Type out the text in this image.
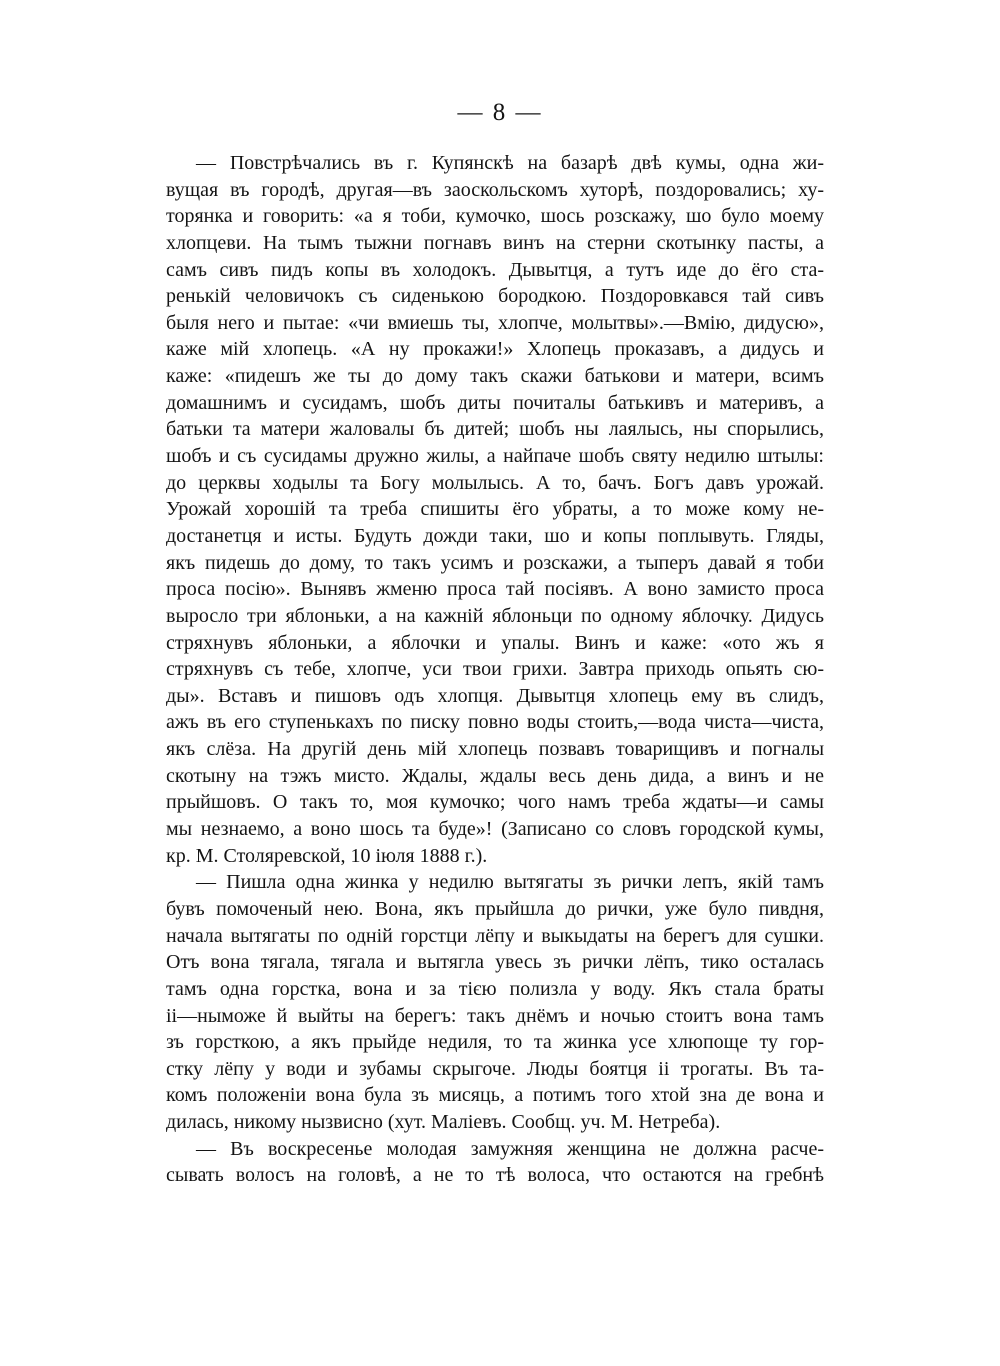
— 8 —
— Повстрѣчались въ г. Купянскѣ на базарѣ двѣ кумы, одна жи-
вущая въ городѣ, другая—въ заоскольскомъ хуторѣ, поздоровались; ху-
торянка и говорить: «а я тоби, кумочко, шось розскажу, шо було моему
хлопцеви. На тымъ тыжни погнавъ винъ на стерни скотынку пасты, а
самъ сивъ пидъ копы въ холодокъ. Дывытця, а тутъ иде до ёго ста-
ренькій человичокъ съ сиденькою бородкою. Поздоровкався тай сивъ
быля него и пытае: «чи вмиешь ты, хлопче, молытвы».—Вмію, дидусю»,
каже мій хлопець. «А ну прокажи!» Хлопець проказавъ, а дидусь и
каже: «пидешъ же ты до дому такъ скажи батькови и матери, всимъ
домашнимъ и сусидамъ, шобъ диты почиталы батькивъ и материвъ, а
батьки та матери жаловалы бъ дитей; шобъ ны лаялысь, ны спорылись,
шобъ и съ сусидамы дружно жилы, а найпаче шобъ святу недилю штылы:
до церквы ходылы та Богу молылысь. А то, бачъ. Богъ давъ урожай.
Урожай хорошій та треба спишиты ёго убраты, а то може кому не-
достанетця и исты. Будуть дожди таки, шо и копы поплывуть. Гляды,
якъ пидешь до дому, то такъ усимъ и розскажи, а тыперъ давай я тоби
проса посію». Вынявъ жменю проса тай посіявъ. А воно замисто проса
выросло три яблоньки, а на кажній яблоньци по одному яблочку. Дидусь
стряхнувъ яблоньки, а яблочки и упалы. Винъ и каже: «ото жъ я
стряхнувъ съ тебе, хлопче, уси твои грихи. Завтра приходь опьять сю-
ды». Вставъ и пишовъ одъ хлопця. Дывытця хлопець ему въ слидъ,
ажъ въ его ступенькахъ по писку повно воды стоить,—вода чиста—чиста,
якъ слёза. На другій день мій хлопець позвавъ товарищивъ и погналы
скотыну на тэжъ мисто. Ждалы, ждалы весь день дида, а винъ и не
прыйшовъ. О такъ то, моя кумочко; чого намъ треба ждаты—и самы
мы незнаемо, а воно шось та буде»! (Записано со словъ городской кумы,
кр. М. Столяревской, 10 іюля 1888 г.).
— Пишла одна жинка у недилю вытягаты зъ рички лепъ, якій тамъ
бувъ помоченый нею. Вона, якъ прыйшла до рички, уже було пивдня,
начала вытягаты по одній горстци лёпу и выкыдаты на берегъ для сушки.
Отъ вона тягала, тягала и вытягла увесь зъ рички лёпъ, тико осталась
тамъ одна горстка, вона и за тією полизла у воду. Якъ стала браты
ii—ныможе й выйты на берегъ: такъ днёмъ и ночью стоитъ вона тамъ
зъ горсткою, а якъ прыйде недиля, то та жинка усе хлюпоще ту гор-
стку лёпу у води и зубамы скрыгоче. Люды боятця ii трогаты. Въ та-
комъ положеніи вона була зъ мисяць, а потимъ того хтой зна де вона и
дилась, никому нызвисно (хут. Маліевъ. Сообщ. уч. М. Нетреба).
— Въ воскресенье молодая замужняя женщина не должна расче-
сывать волосъ на головѣ, а не то тѣ волоса, что остаются на гребнѣ
